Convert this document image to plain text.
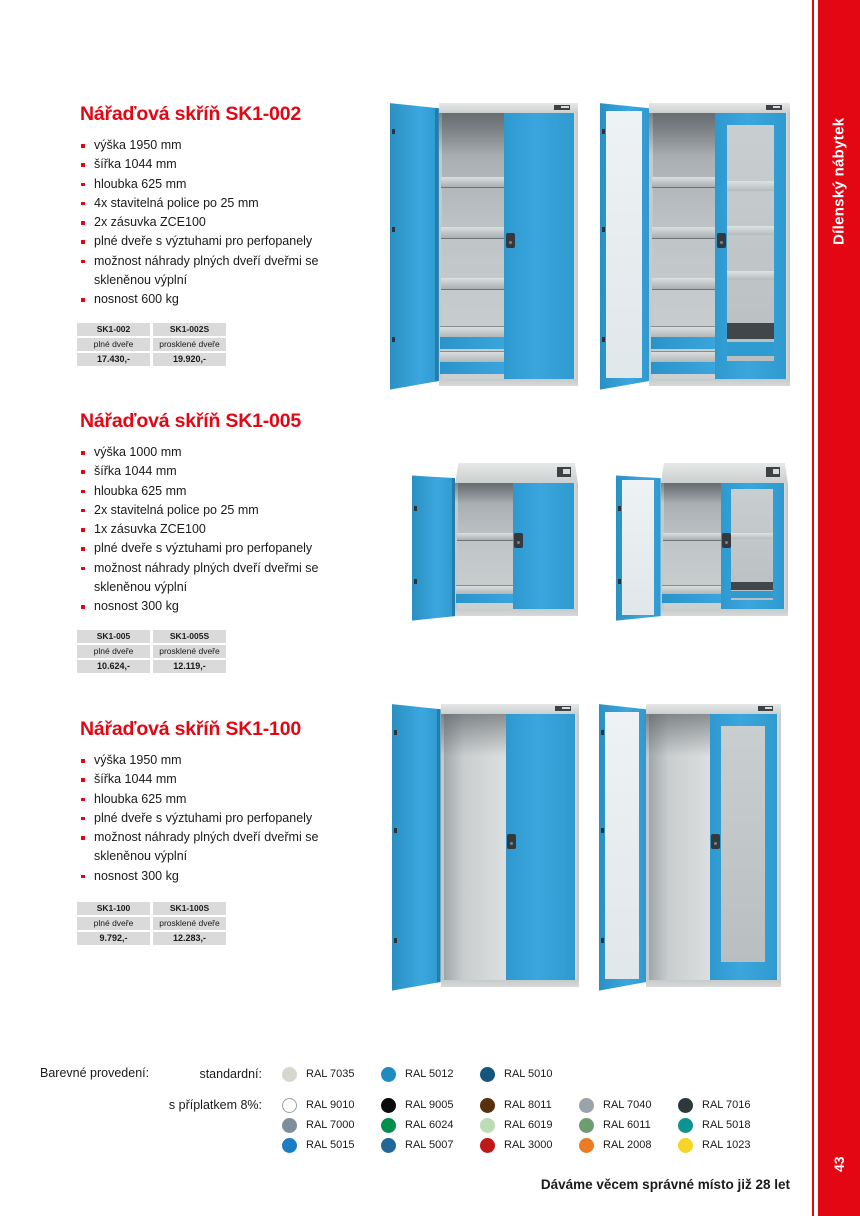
Nářaďová skříň SK1-002
výška 1950 mm
šířka 1044 mm
hloubka 625 mm
4x stavitelná police po 25 mm
2x zásuvka ZCE100
plné dveře s výztuhami pro perfopanely
možnost náhrady plných dveří dveřmi se skleněnou výplní
nosnost 600 kg
SK1-002	SK1-002S
plné dveře	prosklené dveře
17.430,-	19.920,-
Nářaďová skříň SK1-005
výška 1000 mm
šířka 1044 mm
hloubka 625 mm
2x stavitelná police po 25 mm
1x zásuvka ZCE100
plné dveře s výztuhami pro perfopanely
možnost náhrady plných dveří dveřmi se skleněnou výplní
nosnost 300 kg
SK1-005	SK1-005S
plné dveře	prosklené dveře
10.624,-	12.119,-
Nářaďová skříň SK1-100
výška 1950 mm
šířka 1044 mm
hloubka 625 mm
plné dveře s výztuhami pro perfopanely
možnost náhrady plných dveří dveřmi se skleněnou výplní
nosnost 300 kg
SK1-100	SK1-100S
plné dveře	prosklené dveře
9.792,-	12.283,-
Barevné provedení:	standardní:	RAL 7035	RAL 5012	RAL 5010
s příplatkem 8%:	RAL 9010	RAL 9005	RAL 8011	RAL 7040	RAL 7016
RAL 7000	RAL 6024	RAL 6019	RAL 6011	RAL 5018
RAL 5015	RAL 5007	RAL 3000	RAL 2008	RAL 1023
Dáváme věcem správné místo již 28 let
Dílenský nábytek
43
